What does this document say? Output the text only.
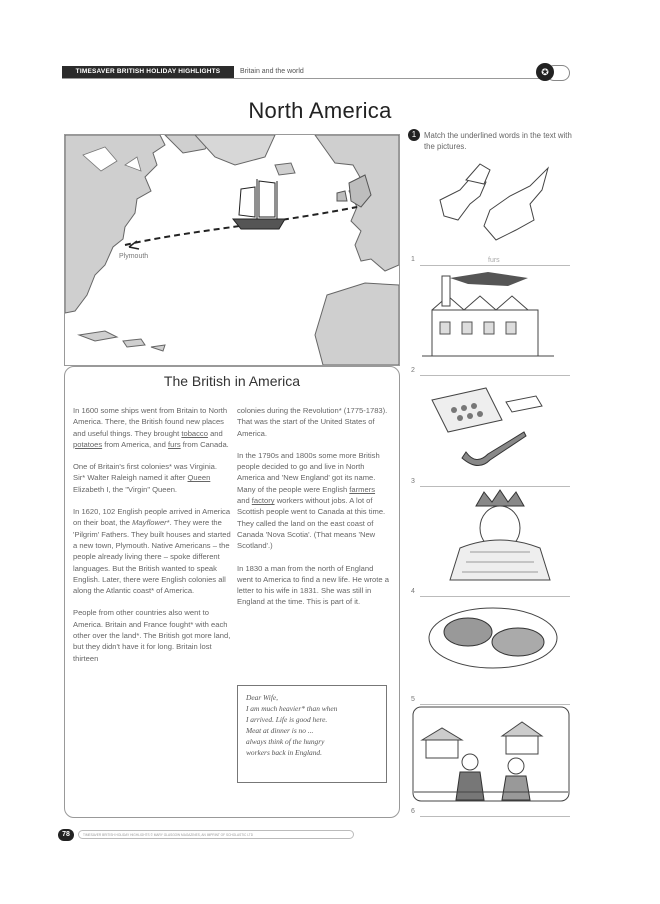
TIMESAVER BRITISH HOLIDAY HIGHLIGHTS	Britain and the world	✪
North America
Plymouth
The British in America

In 1600 some ships went from Britain to North America. There, the British found new places and useful things. They brought tobacco and potatoes from America, and furs from Canada.

One of Britain's first colonies* was Virginia. Sir* Walter Raleigh named it after Queen Elizabeth I, the "Virgin" Queen.

In 1620, 102 English people arrived in America on their boat, the Mayflower*. They were the 'Pilgrim' Fathers. They built houses and started a new town, Plymouth. Native Americans – the people already living there – spoke different languages. But the British wanted to speak English. Later, there were English colonies all along the Atlantic coast* of America.

People from other countries also went to America. Britain and France fought* with each other over the land*. The British got more land, but they didn't have it for long. Britain lost thirteen

colonies during the Revolution* (1775-1783). That was the start of the United States of America.

In the 1790s and 1800s some more British people decided to go and live in North America and 'New England' got its name. Many of the people were English farmers and factory workers without jobs. A lot of Scottish people went to Canada at this time. They called the land on the east coast of Canada 'Nova Scotia'. (That means 'New Scotland'.)

In 1830 a man from the north of England went to America to find a new life. He wrote a letter to his wife in 1831. She was still in England at the time. This is part of it.

Dear Wife,
I am much heavier* than when
I arrived. Life is good here.
Meat at dinner is no ...
always think of the hungry
workers back in England.
1 Match the underlined words in the text with the pictures.
1	furs
2
3
4
5
6
78	TIMESAVER BRITISH HOLIDAY HIGHLIGHTS © MARY GLASGOW MAGAZINES, AN IMPRINT OF SCHOLASTIC LTD
